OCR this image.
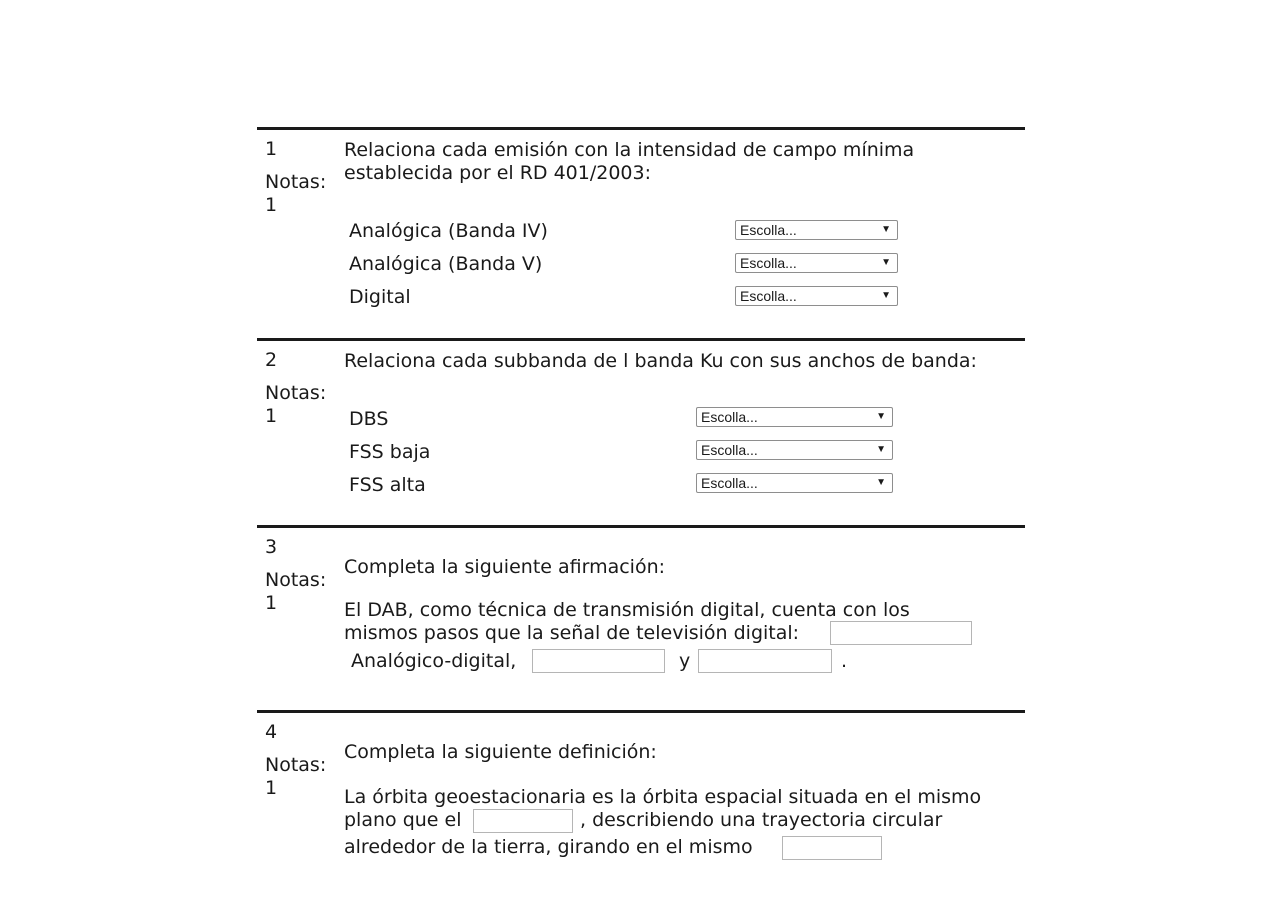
1
Notas:
1
Relaciona cada emisión con la intensidad de campo mínima
establecida por el RD 401/2003:
Analógica (Banda IV)	Escolla...	▼
Analógica (Banda V)	Escolla...	▼
Digital	Escolla...	▼
2
Notas:
1
Relaciona cada subbanda de l banda Ku con sus anchos de banda:
DBS	Escolla...	▼
FSS baja	Escolla...	▼
FSS alta	Escolla...	▼
3
Notas:
1
Completa la siguiente afirmación:
El DAB, como técnica de transmisión digital, cuenta con los
mismos pasos que la señal de televisión digital:
Analógico-digital,	y	.
4
Notas:
1
Completa la siguiente definición:
La órbita geoestacionaria es la órbita espacial situada en el mismo
plano que el	, describiendo una trayectoria circular
alrededor de la tierra, girando en el mismo
